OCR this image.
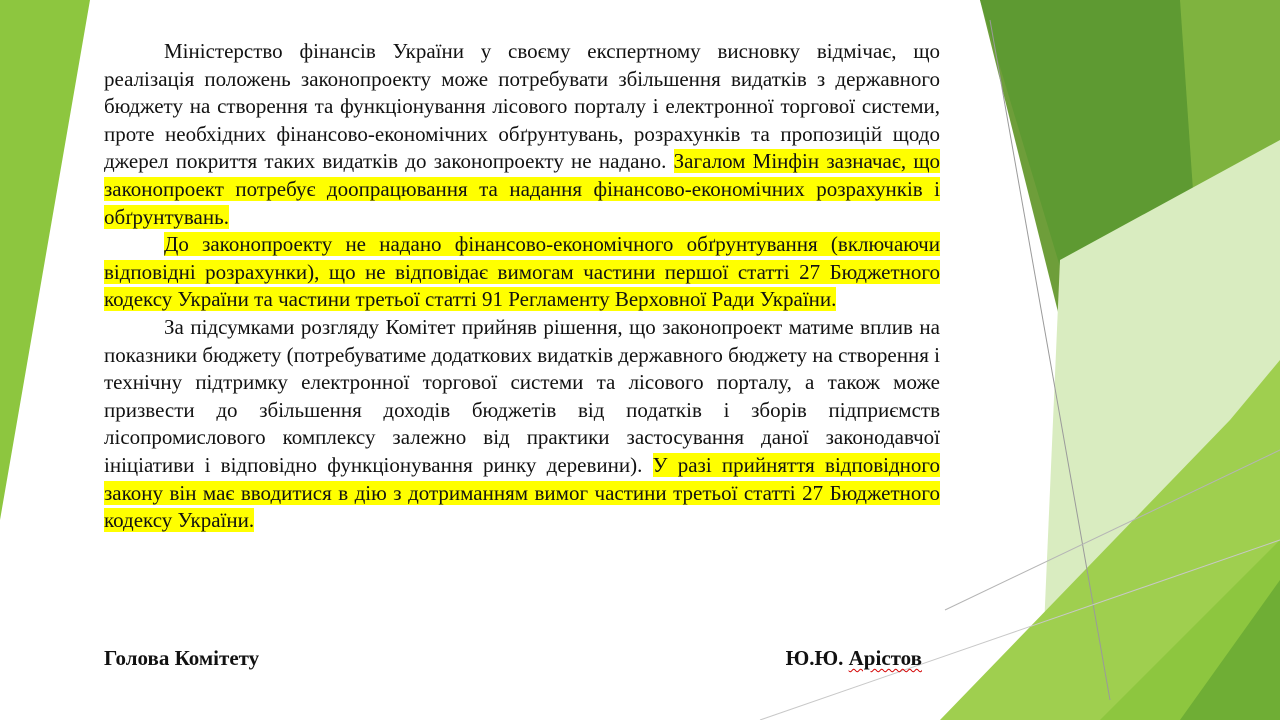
Міністерство фінансів України у своєму експертному висновку відмічає, що реалізація положень законопроекту може потребувати збільшення видатків з державного бюджету на створення та функціонування лісового порталу і електронної торгової системи, проте необхідних фінансово-економічних обґрунтувань, розрахунків та пропозицій щодо джерел покриття таких видатків до законопроекту не надано. Загалом Мінфін зазначає, що законопроект потребує доопрацювання та надання фінансово-економічних розрахунків і обґрунтувань.

До законопроекту не надано фінансово-економічного обґрунтування (включаючи відповідні розрахунки), що не відповідає вимогам частини першої статті 27 Бюджетного кодексу України та частини третьої статті 91 Регламенту Верховної Ради України.

За підсумками розгляду Комітет прийняв рішення, що законопроект матиме вплив на показники бюджету (потребуватиме додаткових видатків державного бюджету на створення і технічну підтримку електронної торгової системи та лісового порталу, а також може призвести до збільшення доходів бюджетів від податків і зборів підприємств лісопромислового комплексу залежно від практики застосування даної законодавчої ініціативи і відповідно функціонування ринку деревини). У разі прийняття відповідного закону він має вводитися в дію з дотриманням вимог частини третьої статті 27 Бюджетного кодексу України.

Голова Комітету	Ю.Ю. Арістов
